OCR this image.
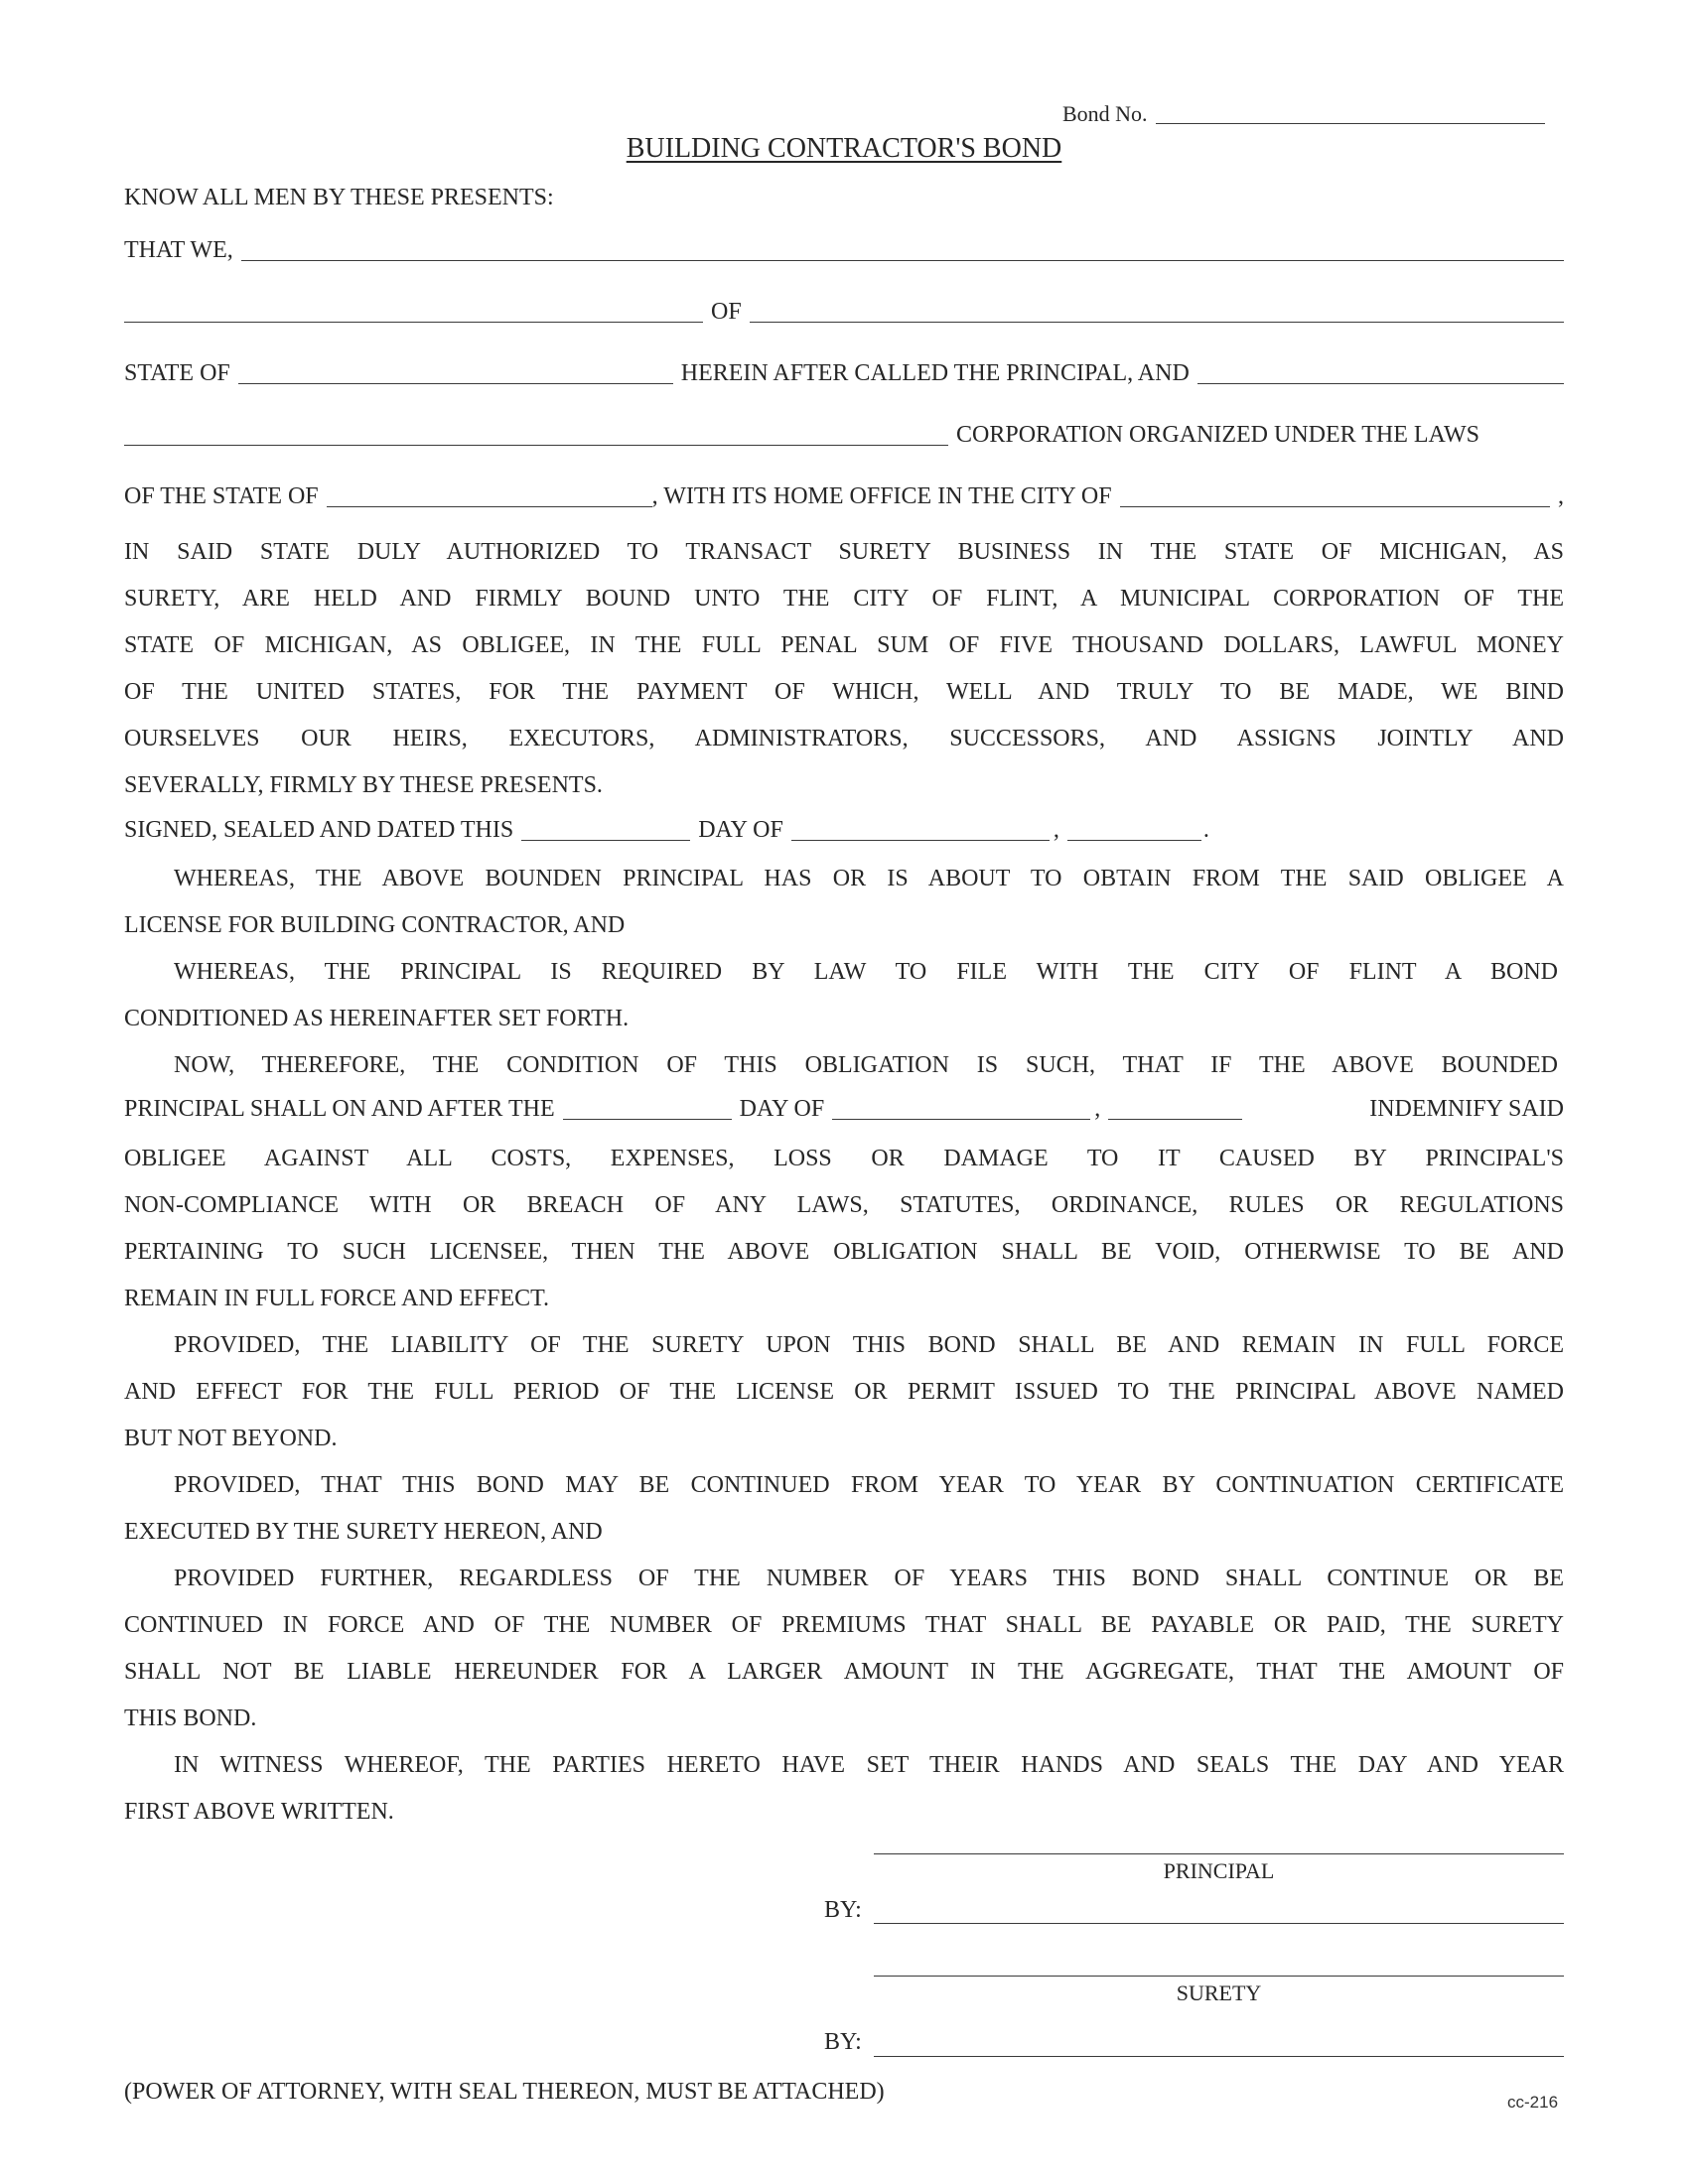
Bond No.
BUILDING CONTRACTOR'S BOND
KNOW ALL MEN BY THESE PRESENTS:
THAT WE,
OF
STATE OF	HEREIN AFTER CALLED THE PRINCIPAL, AND
CORPORATION ORGANIZED UNDER THE LAWS
OF THE STATE OF	, WITH ITS HOME OFFICE IN THE CITY OF	,
IN SAID STATE DULY AUTHORIZED TO TRANSACT SURETY BUSINESS IN THE STATE OF MICHIGAN, AS
SURETY, ARE HELD AND FIRMLY BOUND UNTO THE CITY OF FLINT, A MUNICIPAL CORPORATION OF THE
STATE OF MICHIGAN, AS OBLIGEE, IN THE FULL PENAL SUM OF FIVE THOUSAND DOLLARS, LAWFUL MONEY
OF THE UNITED STATES, FOR THE PAYMENT OF WHICH, WELL AND TRULY TO BE MADE, WE BIND
OURSELVES OUR HEIRS, EXECUTORS, ADMINISTRATORS, SUCCESSORS, AND ASSIGNS JOINTLY AND
SEVERALLY, FIRMLY BY THESE PRESENTS.
SIGNED, SEALED AND DATED THIS	DAY OF	,	.
WHEREAS, THE ABOVE BOUNDEN PRINCIPAL HAS OR IS ABOUT TO OBTAIN FROM THE SAID OBLIGEE A
LICENSE FOR BUILDING CONTRACTOR, AND
WHEREAS, THE PRINCIPAL IS REQUIRED BY LAW TO FILE WITH THE CITY OF FLINT A BOND
CONDITIONED AS HEREINAFTER SET FORTH.
NOW, THEREFORE, THE CONDITION OF THIS OBLIGATION IS SUCH, THAT IF THE ABOVE BOUNDED
PRINCIPAL SHALL ON AND AFTER THE	DAY OF	,	INDEMNIFY SAID
OBLIGEE AGAINST ALL COSTS, EXPENSES, LOSS OR DAMAGE TO IT CAUSED BY PRINCIPAL'S
NON-COMPLIANCE WITH OR BREACH OF ANY LAWS, STATUTES, ORDINANCE, RULES OR REGULATIONS
PERTAINING TO SUCH LICENSEE, THEN THE ABOVE OBLIGATION SHALL BE VOID, OTHERWISE TO BE AND
REMAIN IN FULL FORCE AND EFFECT.
PROVIDED, THE LIABILITY OF THE SURETY UPON THIS BOND SHALL BE AND REMAIN IN FULL FORCE
AND EFFECT FOR THE FULL PERIOD OF THE LICENSE OR PERMIT ISSUED TO THE PRINCIPAL ABOVE NAMED
BUT NOT BEYOND.
PROVIDED, THAT THIS BOND MAY BE CONTINUED FROM YEAR TO YEAR BY CONTINUATION CERTIFICATE
EXECUTED BY THE SURETY HEREON, AND
PROVIDED FURTHER, REGARDLESS OF THE NUMBER OF YEARS THIS BOND SHALL CONTINUE OR BE
CONTINUED IN FORCE AND OF THE NUMBER OF PREMIUMS THAT SHALL BE PAYABLE OR PAID, THE SURETY
SHALL NOT BE LIABLE HEREUNDER FOR A LARGER AMOUNT IN THE AGGREGATE, THAT THE AMOUNT OF
THIS BOND.
IN WITNESS WHEREOF, THE PARTIES HERETO HAVE SET THEIR HANDS AND SEALS THE DAY AND YEAR
FIRST ABOVE WRITTEN.
PRINCIPAL
BY:
SURETY
BY:
(POWER OF ATTORNEY, WITH SEAL THEREON, MUST BE ATTACHED)	cc-216
